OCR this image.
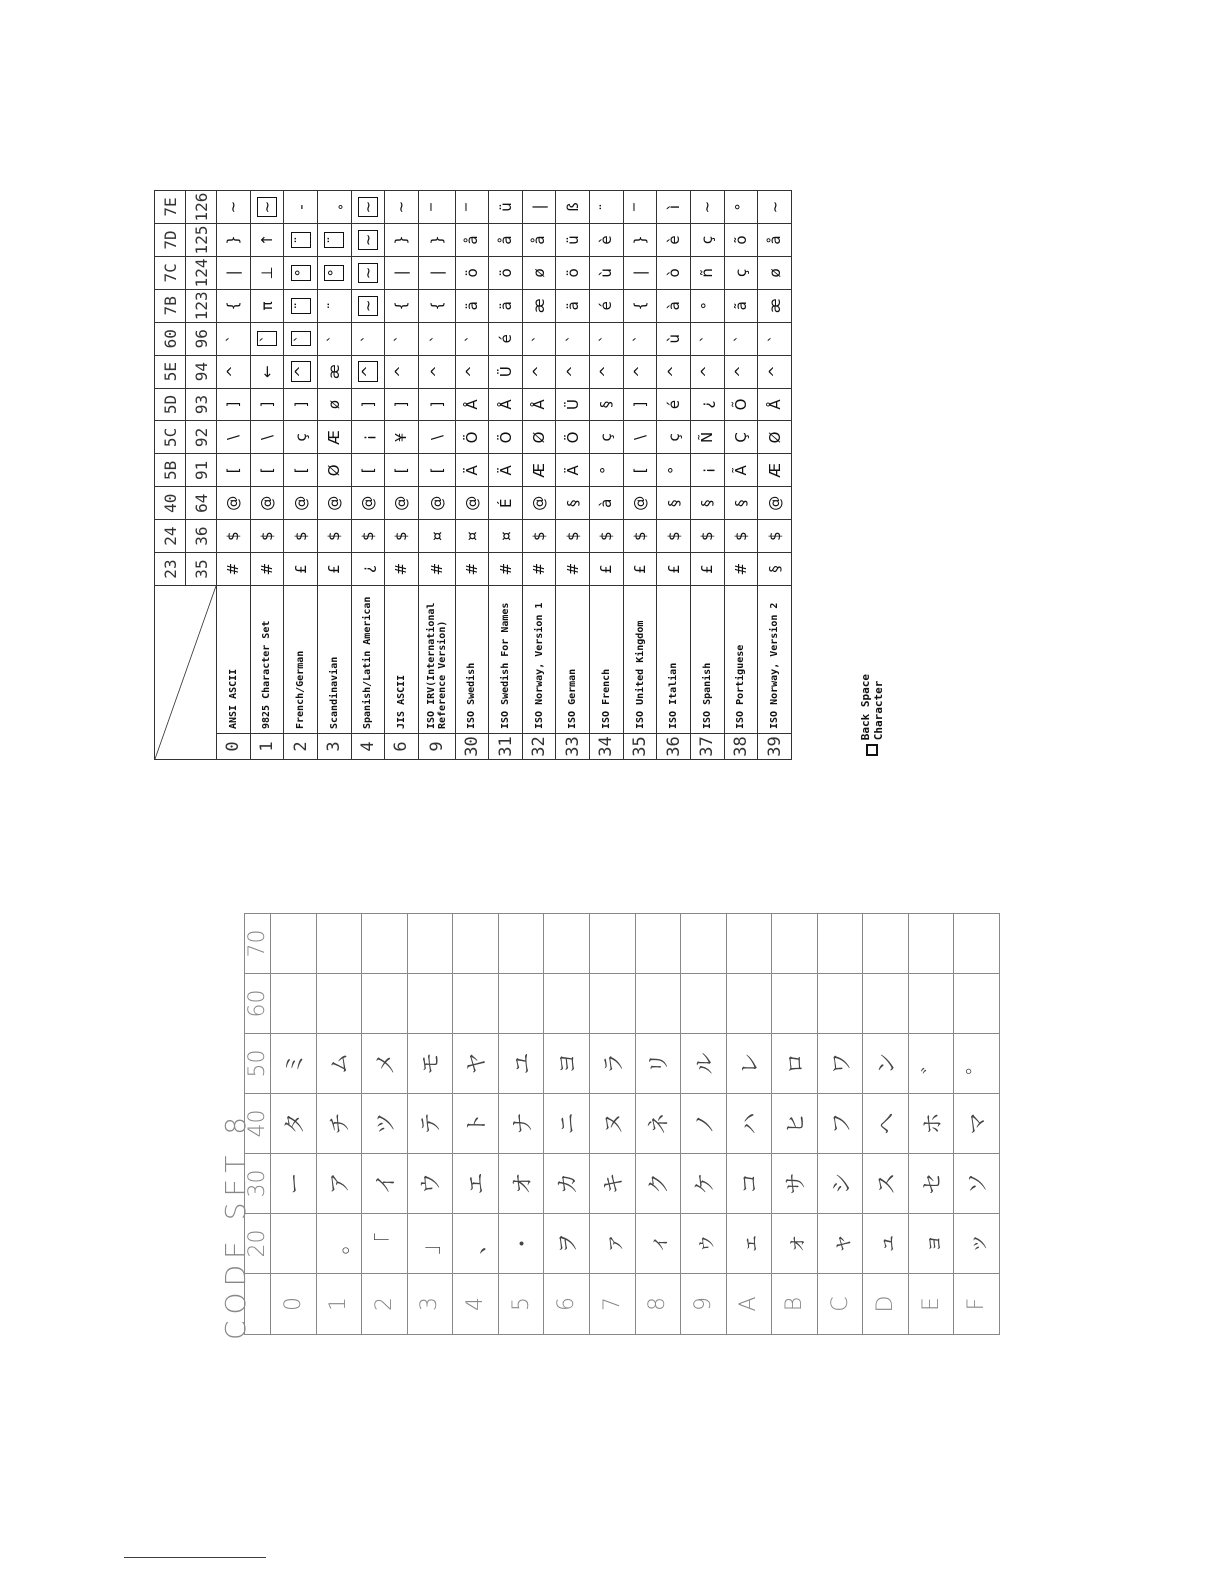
	23	24	40	5B	5C	5D	5E	60	7B	7C	7D	7E
		35	36	64	91	92	93	94	96	123	124	125	126
0	ANSI ASCII	#	$	@	[	\	]	^	`	{	|	}	~
1	9825 Character Set	#	$	@	[	\	]	←	`	π	⊥	↑	~
2	French/German	£	$	@	[	ç	]	^	`	¨	°	¨	-
3	Scandinavian	£	$	@	Ø	Æ	ø	æ	`	¨	°	¨	˳
4	Spanish/Latin American	¿	$	@	[	¡	]	^	`	~	~	~	~
6	JIS ASCII	#	$	@	[	¥	]	^	`	{	|	}	~
9	ISO IRV(International
Reference Version)	#	¤	@	[	\	]	^	`	{	|	}	‾
30	ISO Swedish	#	¤	@	Ä	Ö	Å	^	`	ä	ö	å	‾
31	ISO Swedish For Names	#	¤	É	Ä	Ö	Å	Ü	é	ä	ö	å	ü
32	ISO Norway, Version 1	#	$	@	Æ	Ø	Å	^	`	æ	ø	å	|
33	ISO German	#	$	§	Ä	Ö	Ü	^	`	ä	ö	ü	ß
34	ISO French	£	$	à	°	ç	§	^	`	é	ù	è	¨
35	ISO United Kingdom	£	$	@	[	\	]	^	`	{	|	}	‾
36	ISO Italian	£	$	§	°	ç	é	^	ù	à	ò	è	ì
37	ISO Spanish	£	$	§	¡	Ñ	¿	^	`	°	ñ	ç	~
38	ISO Portiguese	#	$	§	Ã	Ç	Õ	^	`	ã	ç	õ	°
39	ISO Norway, Version 2	§	$	@	Æ	Ø	Å	^	`	æ	ø	å	~
Back Space Character
CODE SET 8
	20	30	40	50	60	70
0		ー	タ	ミ		
1	。	ア	チ	ム		
2	「	イ	ツ	メ		
3	」	ウ	テ	モ		
4	、	エ	ト	ヤ		
5	・	オ	ナ	ユ		
6	ヲ	カ	ニ	ヨ		
7	ァ	キ	ヌ	ラ		
8	ィ	ク	ネ	リ		
9	ゥ	ケ	ノ	ル		
A	ェ	コ	ハ	レ		
B	ォ	サ	ヒ	ロ		
C	ャ	シ	フ	ワ		
D	ュ	ス	ヘ	ン		
E	ョ	セ	ホ	゛		
F	ッ	ソ	マ	゜		
